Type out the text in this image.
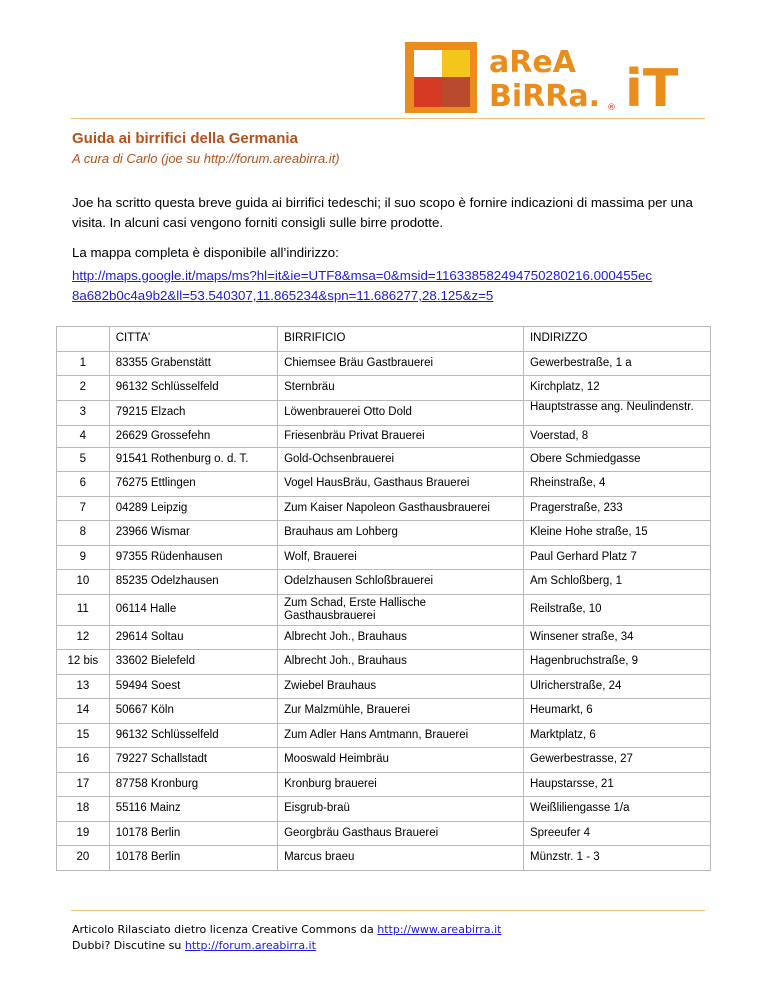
aReA
BiRRa. iT
®
Guida ai birrifici della Germania
A cura di Carlo (joe su http://forum.areabirra.it)
Joe ha scritto questa breve guida ai birrifici tedeschi; il suo scopo è fornire indicazioni di massima per una visita. In alcuni casi vengono forniti consigli sulle birre prodotte.
La mappa completa è disponibile all’indirizzo:
http://maps.google.it/maps/ms?hl=it&ie=UTF8&msa=0&msid=116338582494750280216.000455ec
8a682b0c4a9b2&ll=53.540307,11.865234&spn=11.686277,28.125&z=5
	CITTA'	BIRRIFICIO	INDIRIZZO
1	83355 Grabenstätt	Chiemsee Bräu Gastbrauerei	Gewerbestraße, 1 a
2	96132 Schlüsselfeld	Sternbräu	Kirchplatz, 12
3	79215 Elzach	Löwenbrauerei Otto Dold	Hauptstrasse ang. Neulindenstr.

4	26629 Grossefehn	Friesenbräu Privat Brauerei	Voerstad, 8
5	91541 Rothenburg o. d. T.	Gold-Ochsenbrauerei	Obere Schmiedgasse
6	76275 Ettlingen	Vogel HausBräu, Gasthaus Brauerei	Rheinstraße, 4
7	04289 Leipzig	Zum Kaiser Napoleon Gasthausbrauerei	Pragerstraße, 233
8	23966 Wismar	Brauhaus am Lohberg	Kleine Hohe straße, 15
9	97355 Rüdenhausen	Wolf, Brauerei	Paul Gerhard Platz 7
10	85235 Odelzhausen	Odelzhausen Schloßbrauerei	Am Schloßberg, 1
11	06114 Halle	Zum Schad, Erste Hallische Gasthausbrauerei	Reilstraße, 10
12	29614 Soltau	Albrecht Joh., Brauhaus	Winsener straße, 34
12 bis	33602 Bielefeld	Albrecht Joh., Brauhaus	Hagenbruchstraße, 9
13	59494 Soest	Zwiebel Brauhaus	Ulricherstraße, 24
14	50667 Köln	Zur Malzmühle, Brauerei	Heumarkt, 6
15	96132 Schlüsselfeld	Zum Adler Hans Amtmann, Brauerei	Marktplatz, 6
16	79227 Schallstadt	Mooswald Heimbräu	Gewerbestrasse, 27
17	87758 Kronburg	Kronburg brauerei	Haupstarsse, 21
18	55116 Mainz	Eisgrub-braü	Weißliliengasse 1/a
19	10178 Berlin	Georgbräu Gasthaus Brauerei	Spreeufer 4
20	10178 Berlin	Marcus braeu	Münzstr. 1 - 3
Articolo Rilasciato dietro licenza Creative Commons da http://www.areabirra.it
Dubbi? Discutine su http://forum.areabirra.it
